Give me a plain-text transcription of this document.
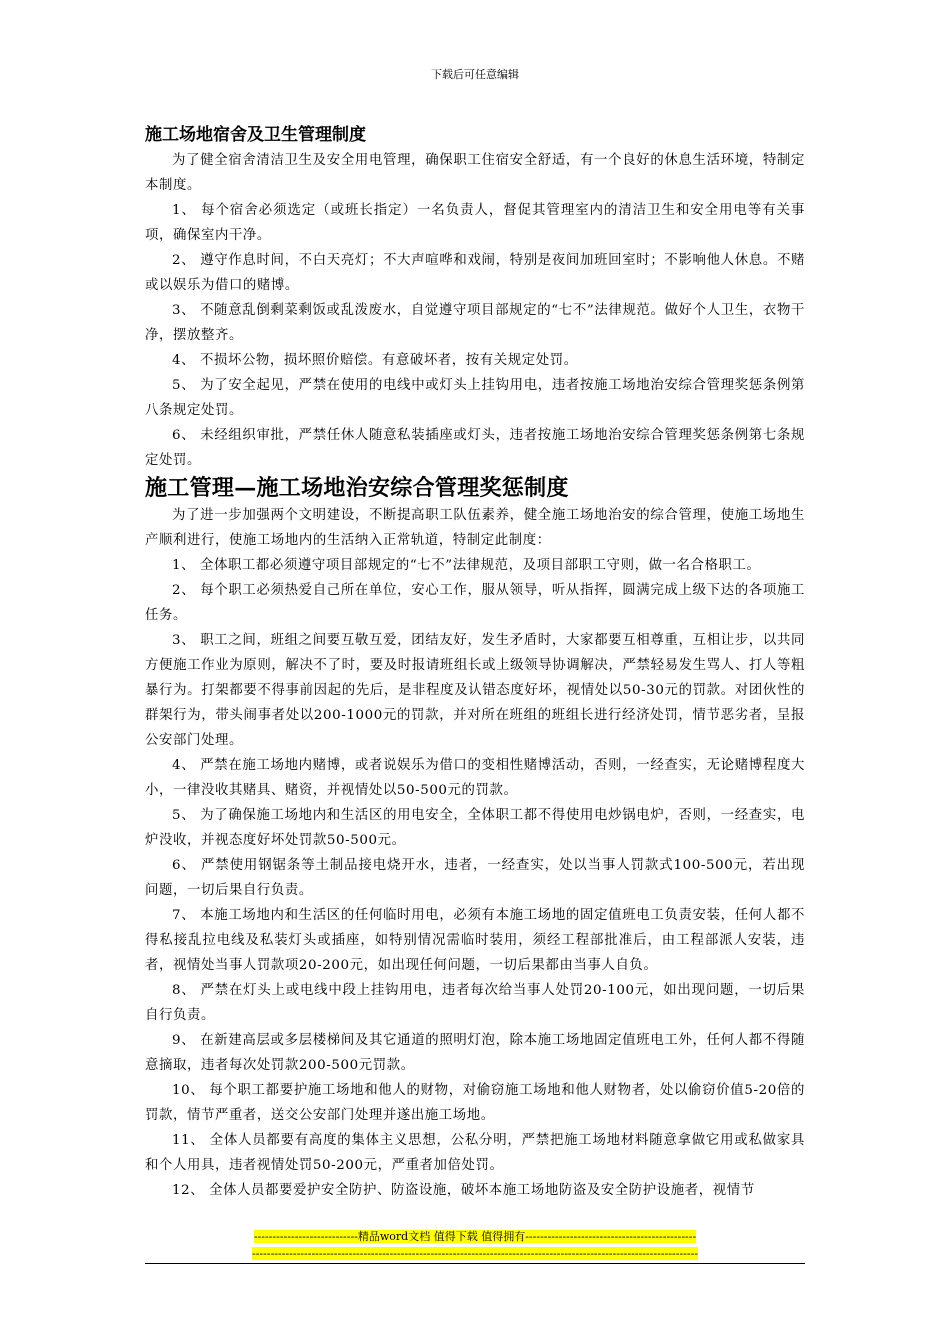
下载后可任意编辑
施工场地宿舍及卫生管理制度

为了健全宿舍清洁卫生及安全用电管理，确保职工住宿安全舒适，有一个良好的休息生活环境，特制定本制度。

1、 每个宿舍必须选定（或班长指定）一名负责人，督促其管理室内的清洁卫生和安全用电等有关事项，确保室内干净。

2、 遵守作息时间，不白天亮灯；不大声喧哗和戏闹，特别是夜间加班回室时；不影响他人休息。不赌或以娱乐为借口的赌博。

3、 不随意乱倒剩菜剩饭或乱泼废水，自觉遵守项目部规定的“七不”法律规范。做好个人卫生，衣物干净，摆放整齐。

4、 不损坏公物，损坏照价赔偿。有意破坏者，按有关规定处罚。

5、 为了安全起见，严禁在使用的电线中或灯头上挂钩用电，违者按施工场地治安综合管理奖惩条例第八条规定处罚。

6、 未经组织审批，严禁任休人随意私装插座或灯头，违者按施工场地治安综合管理奖惩条例第七条规定处罚。

施工管理—施工场地治安综合管理奖惩制度

为了进一步加强两个文明建设，不断提高职工队伍素养，健全施工场地治安的综合管理，使施工场地生产顺利进行，使施工场地内的生活纳入正常轨道，特制定此制度：

1、 全体职工都必须遵守项目部规定的“七不”法律规范，及项目部职工守则，做一名合格职工。

2、 每个职工必须热爱自己所在单位，安心工作，服从领导，听从指挥，圆满完成上级下达的各项施工任务。

3、 职工之间，班组之间要互敬互爱，团结友好，发生矛盾时，大家都要互相尊重，互相让步，以共同方便施工作业为原则，解决不了时，要及时报请班组长或上级领导协调解决，严禁轻易发生骂人、打人等粗暴行为。打架都要不得事前因起的先后，是非程度及认错态度好坏，视情处以50-30元的罚款。对团伙性的群架行为，带头闹事者处以200-1000元的罚款，并对所在班组的班组长进行经济处罚，情节恶劣者，呈报公安部门处理。

4、 严禁在施工场地内赌博，或者说娱乐为借口的变相性赌博活动，否则，一经查实，无论赌博程度大小，一律没收其赌具、赌资，并视情处以50-500元的罚款。

5、 为了确保施工场地内和生活区的用电安全，全体职工都不得使用电炒锅电炉，否则，一经查实，电炉没收，并视态度好坏处罚款50-500元。

6、 严禁使用钢锯条等土制品接电烧开水，违者，一经查实，处以当事人罚款式100-500元，若出现问题，一切后果自行负责。

7、 本施工场地内和生活区的任何临时用电，必须有本施工场地的固定值班电工负责安装，任何人都不得私接乱拉电线及私装灯头或插座，如特别情况需临时装用，须经工程部批准后，由工程部派人安装，违者，视情处当事人罚款项20-200元，如出现任何问题，一切后果都由当事人自负。

8、 严禁在灯头上或电线中段上挂钩用电，违者每次给当事人处罚20-100元，如出现问题，一切后果自行负责。

9、 在新建高层或多层楼梯间及其它通道的照明灯泡，除本施工场地固定值班电工外，任何人都不得随意摘取，违者每次处罚款200-500元罚款。

10、 每个职工都要护施工场地和他人的财物，对偷窃施工场地和他人财物者，处以偷窃价值5-20倍的罚款，情节严重者，送交公安部门处理并遂出施工场地。

11、 全体人员都要有高度的集体主义思想，公私分明，严禁把施工场地材料随意拿做它用或私做家具和个人用具，违者视情处罚50-200元，严重者加倍处罚。

12、 全体人员都要爱护安全防护、防盗设施，破坏本施工场地防盗及安全防护设施者，视情节

----------------------------精品word文档 值得下载 值得拥有----------------------------------------------
------------------------------------------------------------------------------------------------------------------------
